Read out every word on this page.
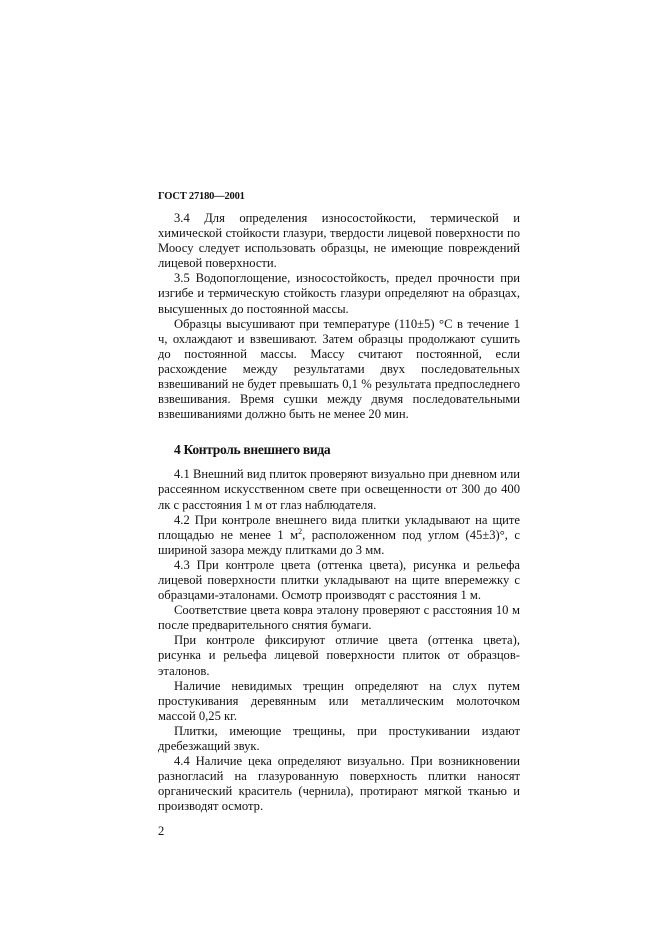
ГОСТ 27180—2001

3.4 Для определения износостойкости, термической и химической стойкости глазури, твердости лицевой поверхности по Моосу следует использовать образцы, не имеющие повреждений лицевой поверхности.

3.5 Водопоглощение, износостойкость, предел прочности при изгибе и термическую стойкость глазури определяют на образцах, высушенных до постоянной массы.

Образцы высушивают при температуре (110±5) °С в течение 1 ч, охлаждают и взвешивают. Затем образцы продолжают сушить до постоянной массы. Массу считают постоянной, если расхождение между результатами двух последовательных взвешиваний не будет превышать 0,1 % результата предпоследнего взвешивания. Время сушки между двумя последовательными взвешиваниями должно быть не менее 20 мин.

4 Контроль внешнего вида

4.1 Внешний вид плиток проверяют визуально при дневном или рассеянном искусственном свете при освещенности от 300 до 400 лк с расстояния 1 м от глаз наблюдателя.

4.2 При контроле внешнего вида плитки укладывают на щите площадью не менее 1 $м^2$, расположенном под углом (45±3)°, с шириной зазора между плитками до 3 мм.

4.3 При контроле цвета (оттенка цвета), рисунка и рельефа лицевой поверхности плитки укладывают на щите вперемежку с образцами-эталонами. Осмотр производят с расстояния 1 м.

Соответствие цвета ковра эталону проверяют с расстояния 10 м после предварительного снятия бумаги.

При контроле фиксируют отличие цвета (оттенка цвета), рисунка и рельефа лицевой поверхности плиток от образцов-эталонов.

Наличие невидимых трещин определяют на слух путем простукивания деревянным или металлическим молоточком массой 0,25 кг.

Плитки, имеющие трещины, при простукивании издают дребезжащий звук.

4.4 Наличие цека определяют визуально. При возникновении разногласий на глазурованную поверхность плитки наносят органический краситель (чернила), протирают мягкой тканью и производят осмотр.

2
